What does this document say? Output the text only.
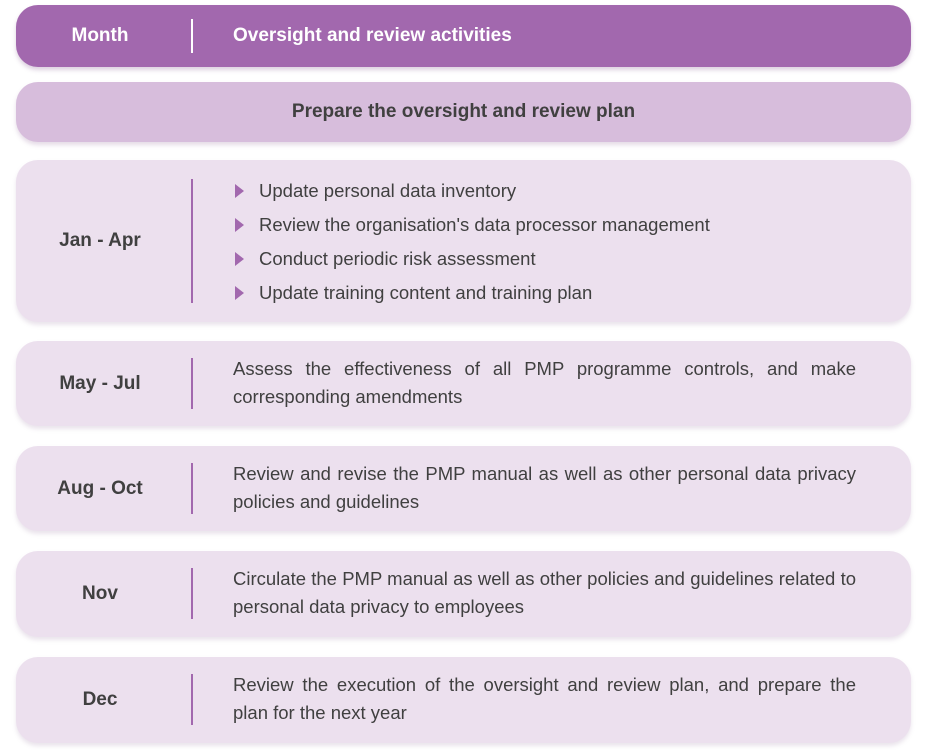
Month	Oversight and review activities
Prepare the oversight and review plan
Jan - Apr
Update personal data inventory
Review the organisation's data processor management
Conduct periodic risk assessment
Update training content and training plan
May - Jul
Assess the effectiveness of all PMP programme controls, and make corresponding amendments
Aug - Oct
Review and revise the PMP manual as well as other personal data privacy policies and guidelines
Nov
Circulate the PMP manual as well as other policies and guidelines related to personal data privacy to employees
Dec
Review the execution of the oversight and review plan, and prepare the plan for the next year
